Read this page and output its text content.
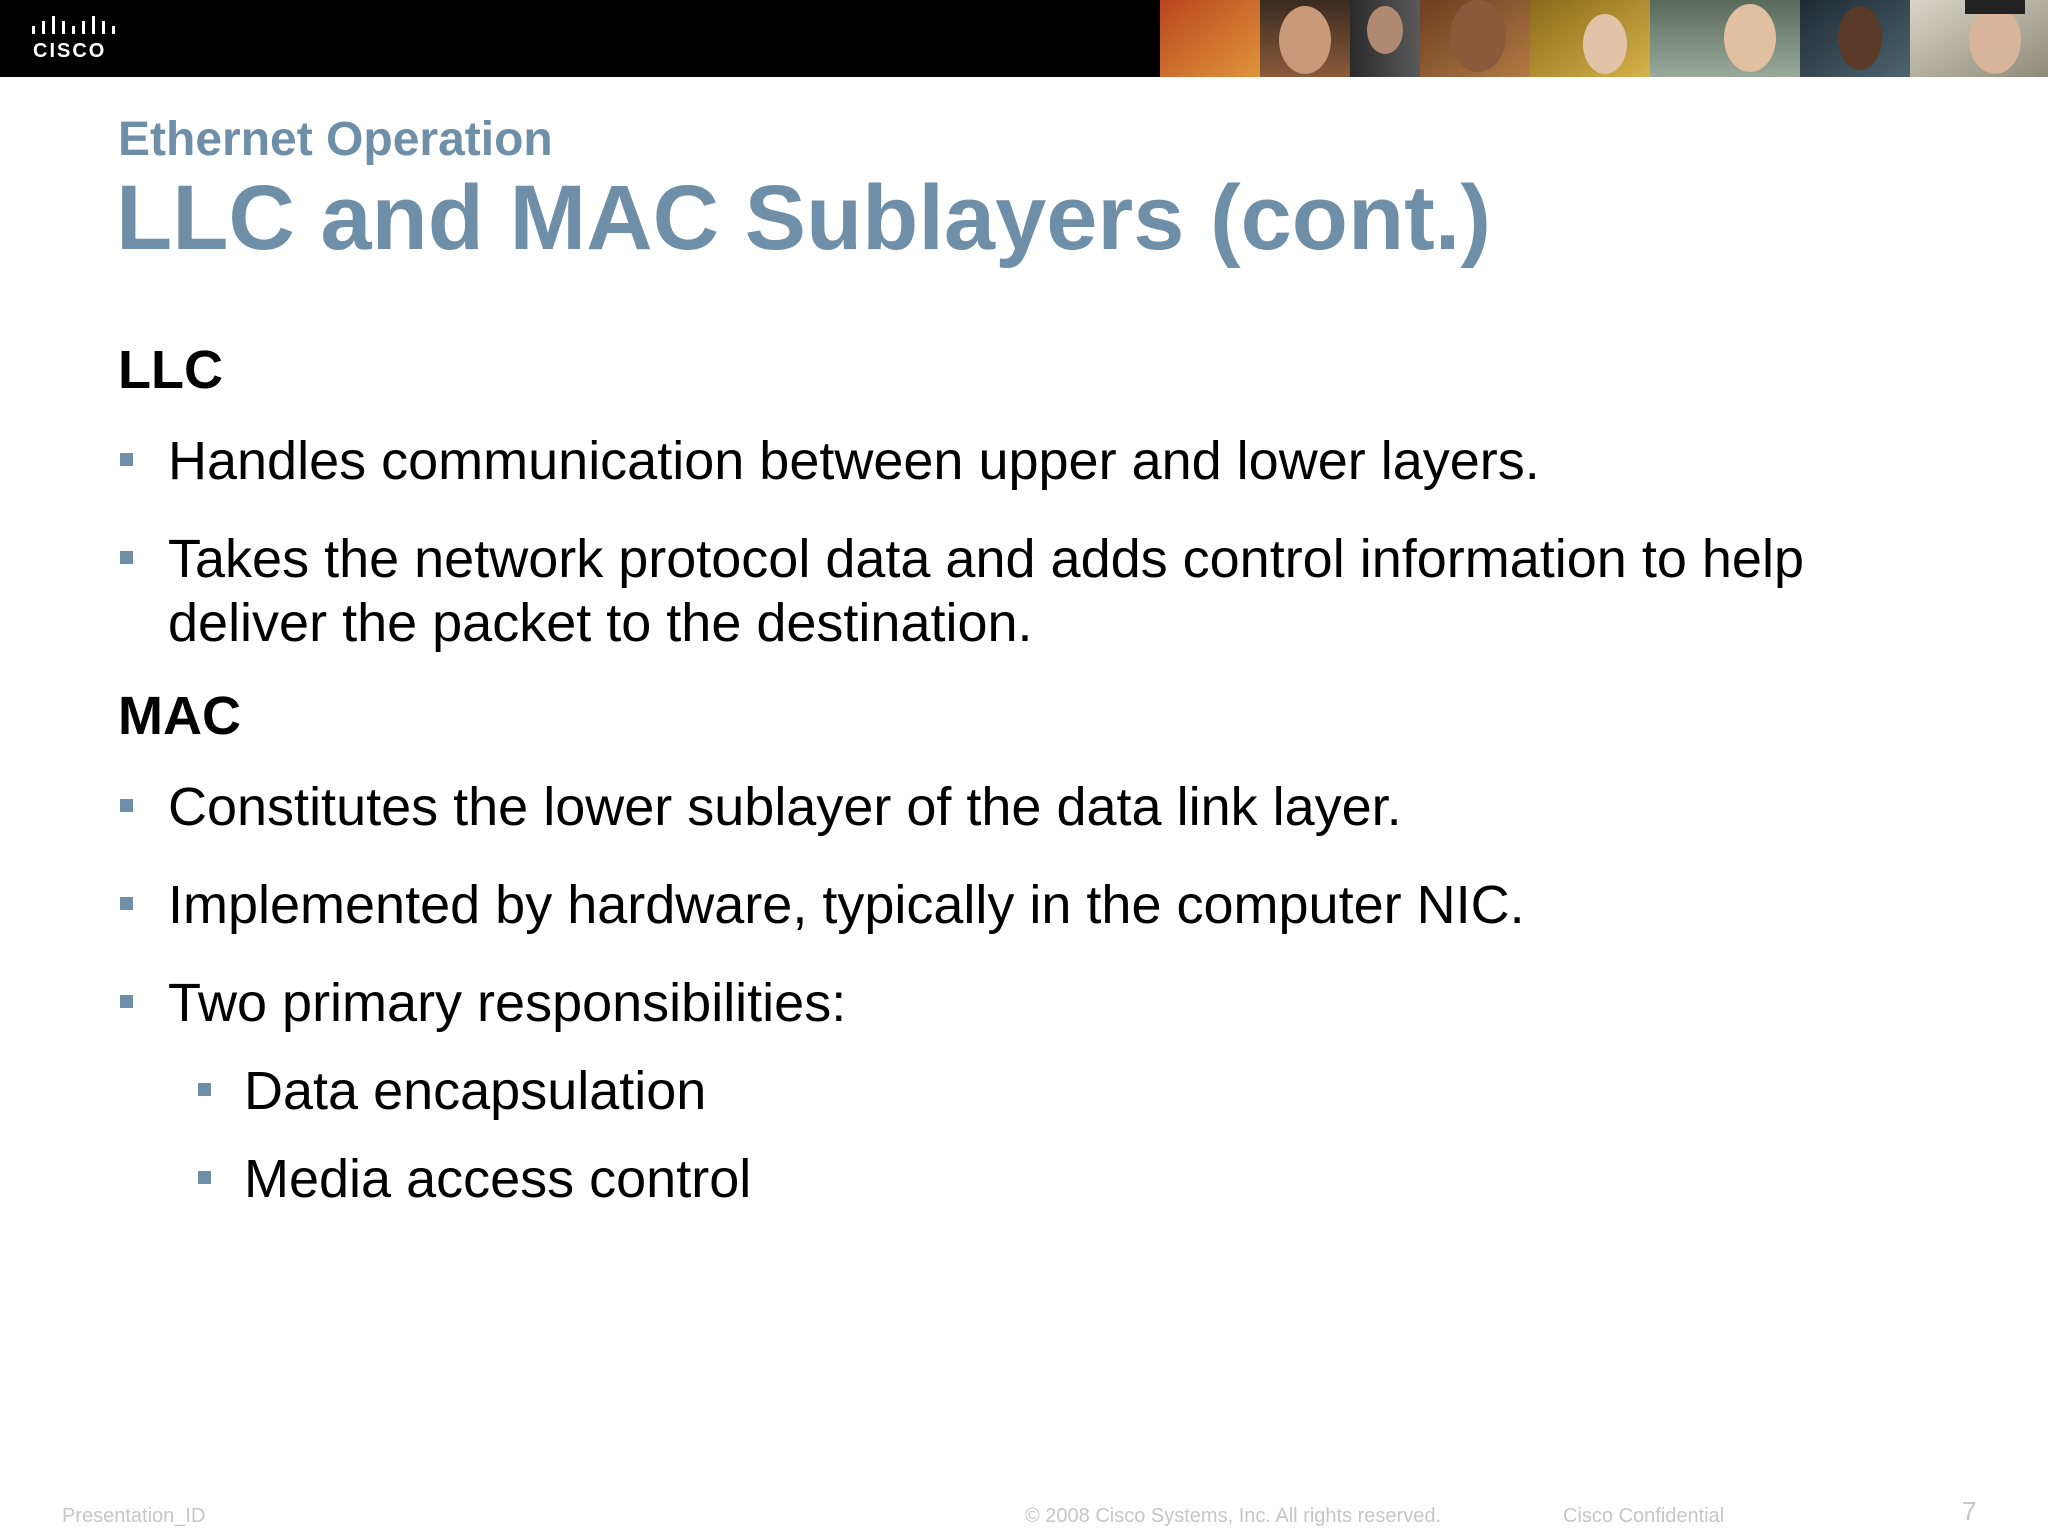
CISCO
Ethernet Operation
LLC and MAC Sublayers (cont.)
LLC
Handles communication between upper and lower layers.
Takes the network protocol data and adds control information to help
deliver the packet to the destination.
MAC
Constitutes the lower sublayer of the data link layer.
Implemented by hardware, typically in the computer NIC.
Two primary responsibilities:
Data encapsulation
Media access control
Presentation_ID	© 2008 Cisco Systems, Inc. All rights reserved.	Cisco Confidential	7
